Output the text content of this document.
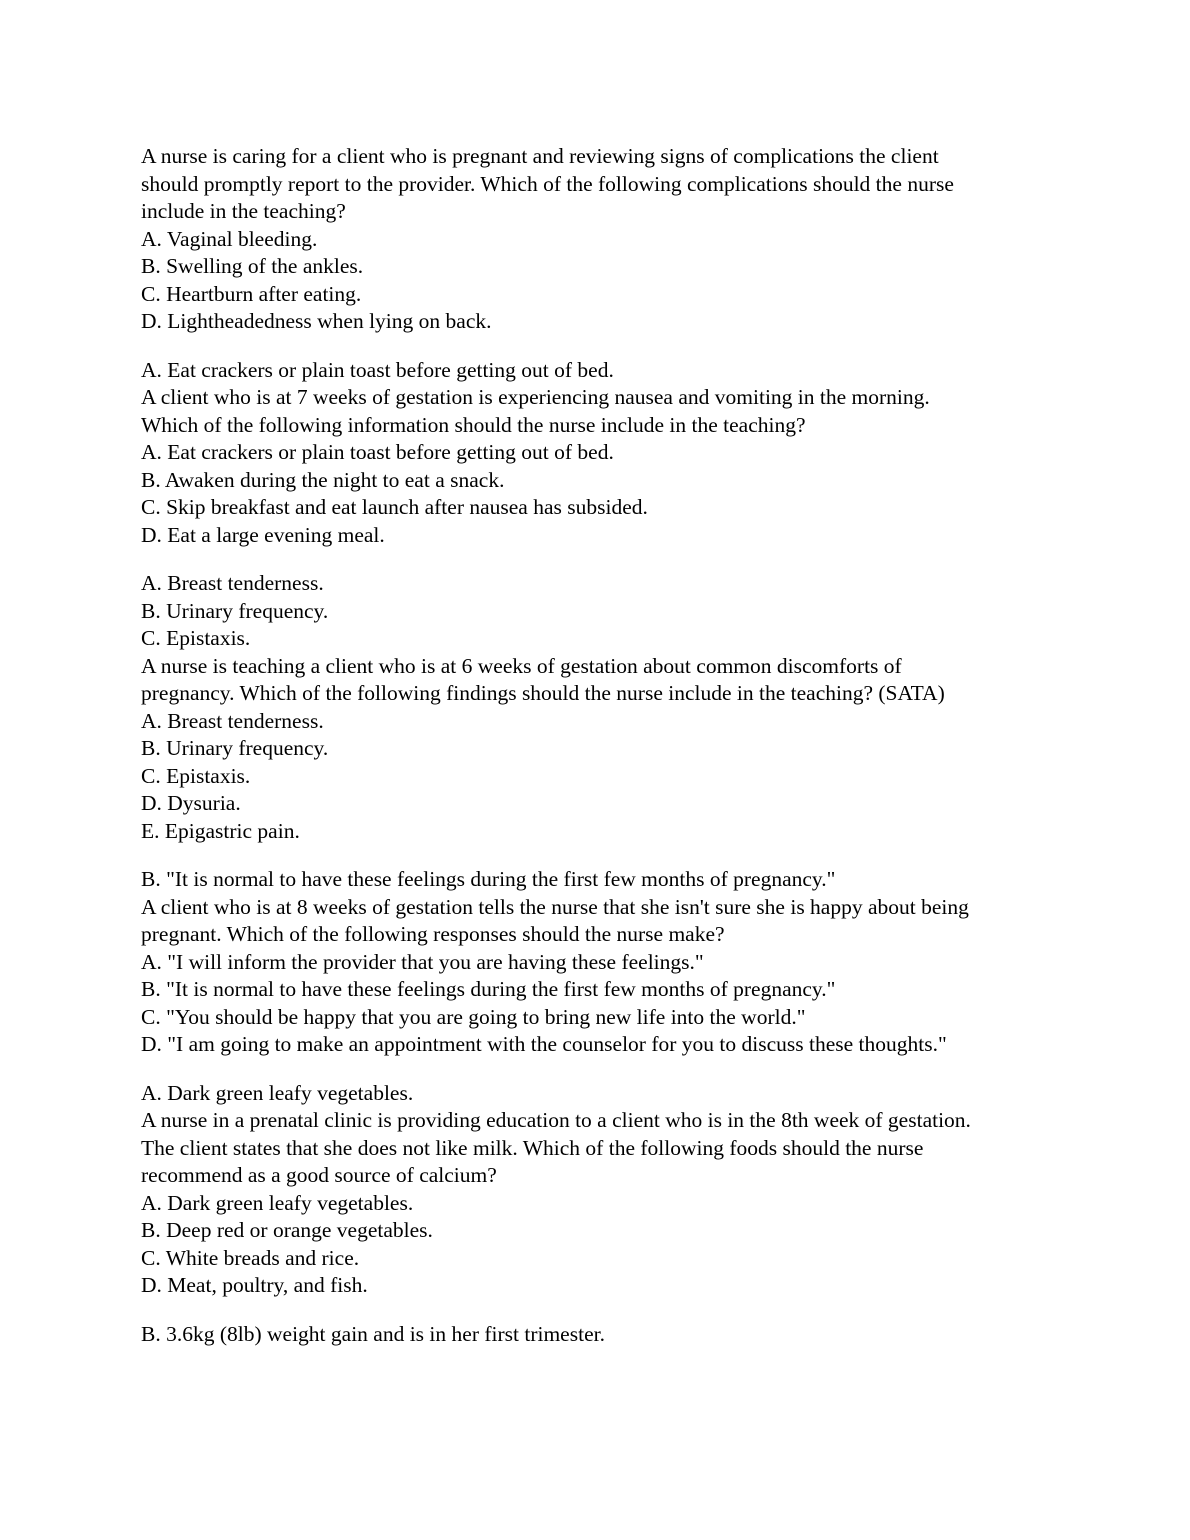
A nurse is caring for a client who is pregnant and reviewing signs of complications the client
should promptly report to the provider. Which of the following complications should the nurse
include in the teaching?
A. Vaginal bleeding.
B. Swelling of the ankles.
C. Heartburn after eating.
D. Lightheadedness when lying on back.
A. Eat crackers or plain toast before getting out of bed.
A client who is at 7 weeks of gestation is experiencing nausea and vomiting in the morning.
Which of the following information should the nurse include in the teaching?
A. Eat crackers or plain toast before getting out of bed.
B. Awaken during the night to eat a snack.
C. Skip breakfast and eat launch after nausea has subsided.
D. Eat a large evening meal.
A. Breast tenderness.
B. Urinary frequency.
C. Epistaxis.
A nurse is teaching a client who is at 6 weeks of gestation about common discomforts of
pregnancy. Which of the following findings should the nurse include in the teaching? (SATA)
A. Breast tenderness.
B. Urinary frequency.
C. Epistaxis.
D. Dysuria.
E. Epigastric pain.
B. "It is normal to have these feelings during the first few months of pregnancy."
A client who is at 8 weeks of gestation tells the nurse that she isn't sure she is happy about being
pregnant. Which of the following responses should the nurse make?
A. "I will inform the provider that you are having these feelings."
B. "It is normal to have these feelings during the first few months of pregnancy."
C. "You should be happy that you are going to bring new life into the world."
D. "I am going to make an appointment with the counselor for you to discuss these thoughts."
A. Dark green leafy vegetables.
A nurse in a prenatal clinic is providing education to a client who is in the 8th week of gestation.
The client states that she does not like milk. Which of the following foods should the nurse
recommend as a good source of calcium?
A. Dark green leafy vegetables.
B. Deep red or orange vegetables.
C. White breads and rice.
D. Meat, poultry, and fish.
B. 3.6kg (8lb) weight gain and is in her first trimester.
